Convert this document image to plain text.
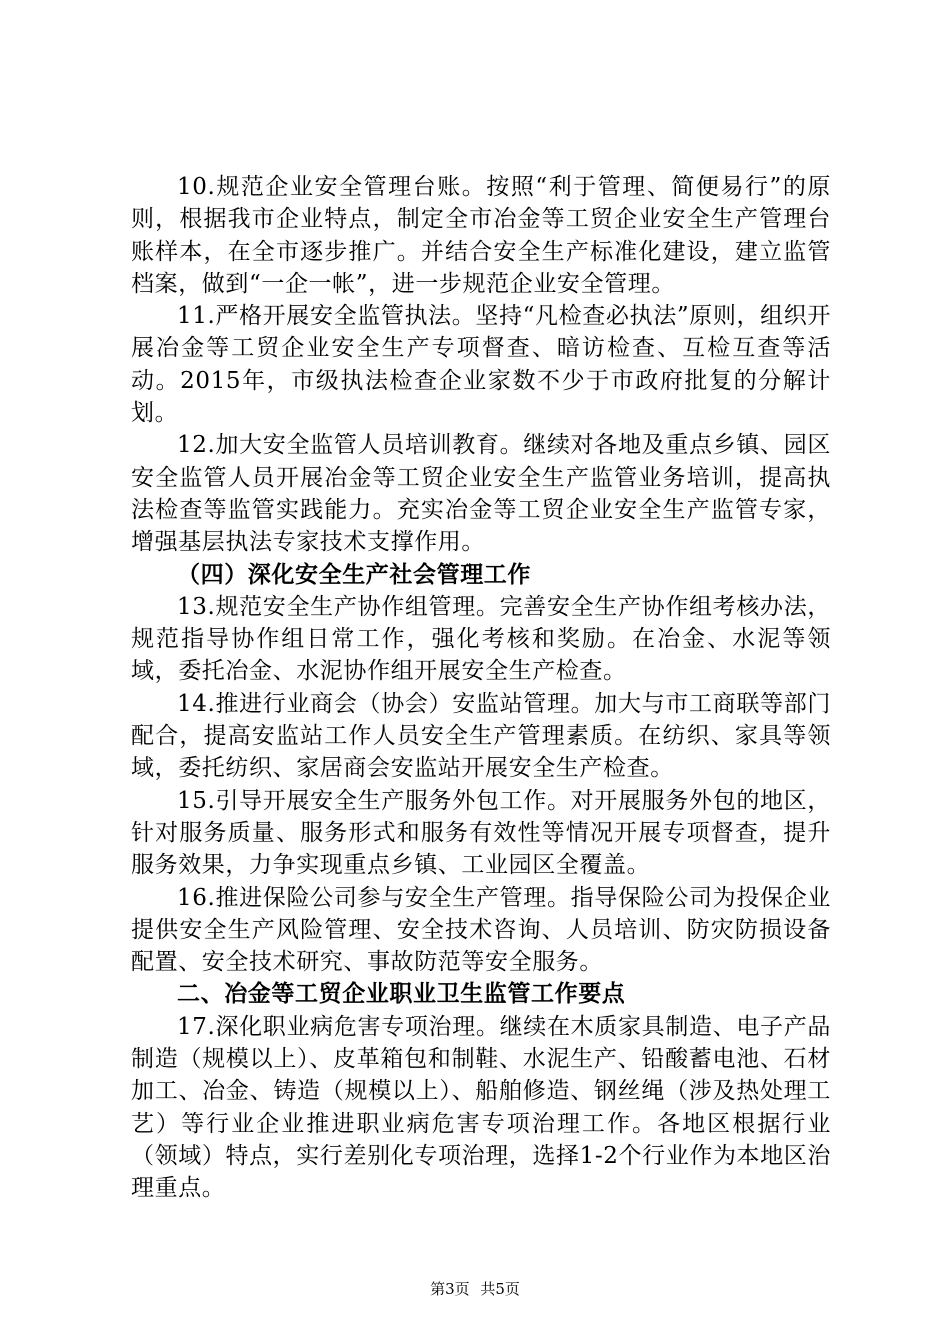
10.规范企业安全管理台账。按照“利于管理、简便易行”的原则，根据我市企业特点，制定全市冶金等工贸企业安全生产管理台账样本，在全市逐步推广。并结合安全生产标准化建设，建立监管档案，做到“一企一帐”，进一步规范企业安全管理。

11.严格开展安全监管执法。坚持“凡检查必执法”原则，组织开展冶金等工贸企业安全生产专项督查、暗访检查、互检互查等活动。2015年，市级执法检查企业家数不少于市政府批复的分解计划。

12.加大安全监管人员培训教育。继续对各地及重点乡镇、园区安全监管人员开展冶金等工贸企业安全生产监管业务培训，提高执法检查等监管实践能力。充实冶金等工贸企业安全生产监管专家，增强基层执法专家技术支撑作用。

（四）深化安全生产社会管理工作

13.规范安全生产协作组管理。完善安全生产协作组考核办法，规范指导协作组日常工作，强化考核和奖励。在冶金、水泥等领域，委托冶金、水泥协作组开展安全生产检查。

14.推进行业商会（协会）安监站管理。加大与市工商联等部门配合，提高安监站工作人员安全生产管理素质。在纺织、家具等领域，委托纺织、家居商会安监站开展安全生产检查。

15.引导开展安全生产服务外包工作。对开展服务外包的地区，针对服务质量、服务形式和服务有效性等情况开展专项督查，提升服务效果，力争实现重点乡镇、工业园区全覆盖。

16.推进保险公司参与安全生产管理。指导保险公司为投保企业提供安全生产风险管理、安全技术咨询、人员培训、防灾防损设备配置、安全技术研究、事故防范等安全服务。

二、冶金等工贸企业职业卫生监管工作要点

17.深化职业病危害专项治理。继续在木质家具制造、电子产品制造（规模以上）、皮革箱包和制鞋、水泥生产、铅酸蓄电池、石材加工、冶金、铸造（规模以上）、船舶修造、钢丝绳（涉及热处理工艺）等行业企业推进职业病危害专项治理工作。各地区根据行业（领域）特点，实行差别化专项治理，选择1-2个行业作为本地区治理重点。

第3页 共5页
